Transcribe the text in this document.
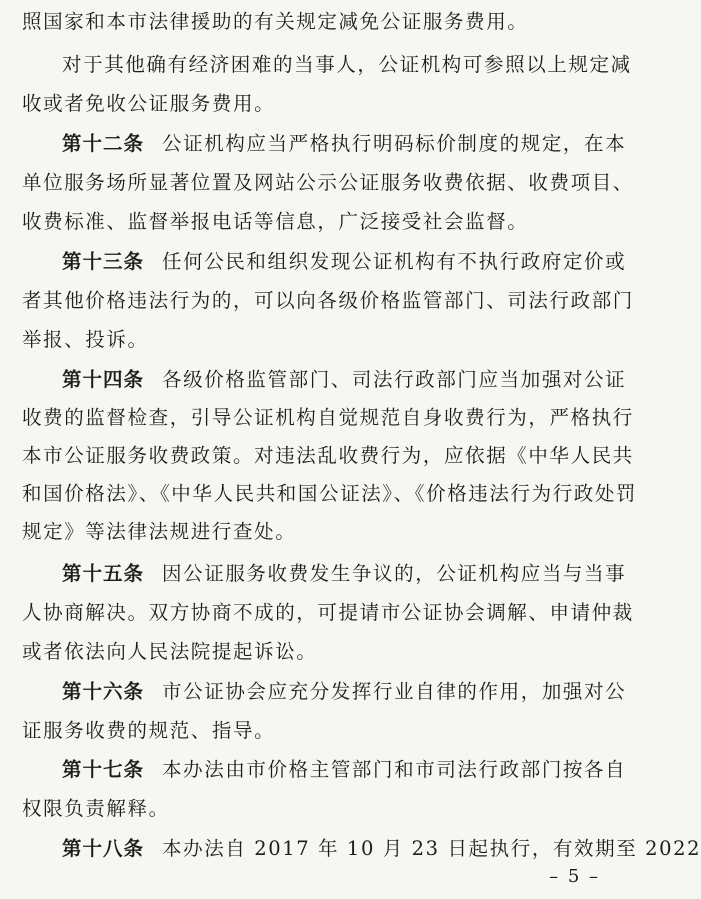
照国家和本市法律援助的有关规定减免公证服务费用。
对于其他确有经济困难的当事人，公证机构可参照以上规定减
收或者免收公证服务费用。
第十二条 公证机构应当严格执行明码标价制度的规定，在本
单位服务场所显著位置及网站公示公证服务收费依据、收费项目、
收费标准、监督举报电话等信息，广泛接受社会监督。
第十三条 任何公民和组织发现公证机构有不执行政府定价或
者其他价格违法行为的，可以向各级价格监管部门、司法行政部门
举报、投诉。
第十四条 各级价格监管部门、司法行政部门应当加强对公证
收费的监督检查，引导公证机构自觉规范自身收费行为，严格执行
本市公证服务收费政策。对违法乱收费行为，应依据《中华人民共
和国价格法》、《中华人民共和国公证法》、《价格违法行为行政处罚
规定》等法律法规进行查处。
第十五条 因公证服务收费发生争议的，公证机构应当与当事
人协商解决。双方协商不成的，可提请市公证协会调解、申请仲裁
或者依法向人民法院提起诉讼。
第十六条 市公证协会应充分发挥行业自律的作用，加强对公
证服务收费的规范、指导。
第十七条 本办法由市价格主管部门和市司法行政部门按各自
权限负责解释。
第十八条 本办法自 2017 年 10 月 23 日起执行，有效期至 2022
– 5 –
